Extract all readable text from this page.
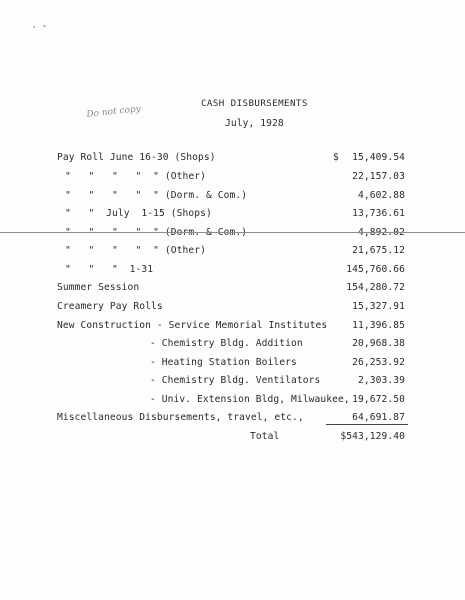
CASH DISBURSEMENTS
Do not copy
July, 1928
Pay Roll June 16-30 (Shops)	$ 15,409.54
"   "   "   "  " (Other)	22,157.03
"   "   "   "  " (Dorm. & Com.)	4,602.88
"   "  July  1-15 (Shops)	13,736.61
"   "   "   "  " (Dorm. & Com.)	4,892.02
"   "   "   "  " (Other)	21,675.12
"   "   "  1-31	145,760.66
Summer Session	154,280.72
Creamery Pay Rolls	15,327.91
New Construction - Service Memorial Institutes	11,396.85
- Chemistry Bldg. Addition	20,968.38
- Heating Station Boilers	26,253.92
- Chemistry Bldg. Ventilators	2,303.39
- Univ. Extension Bldg, Milwaukee, 19,672.50
Miscellaneous Disbursements, travel, etc.,	64,691.87
Total	$543,129.40
